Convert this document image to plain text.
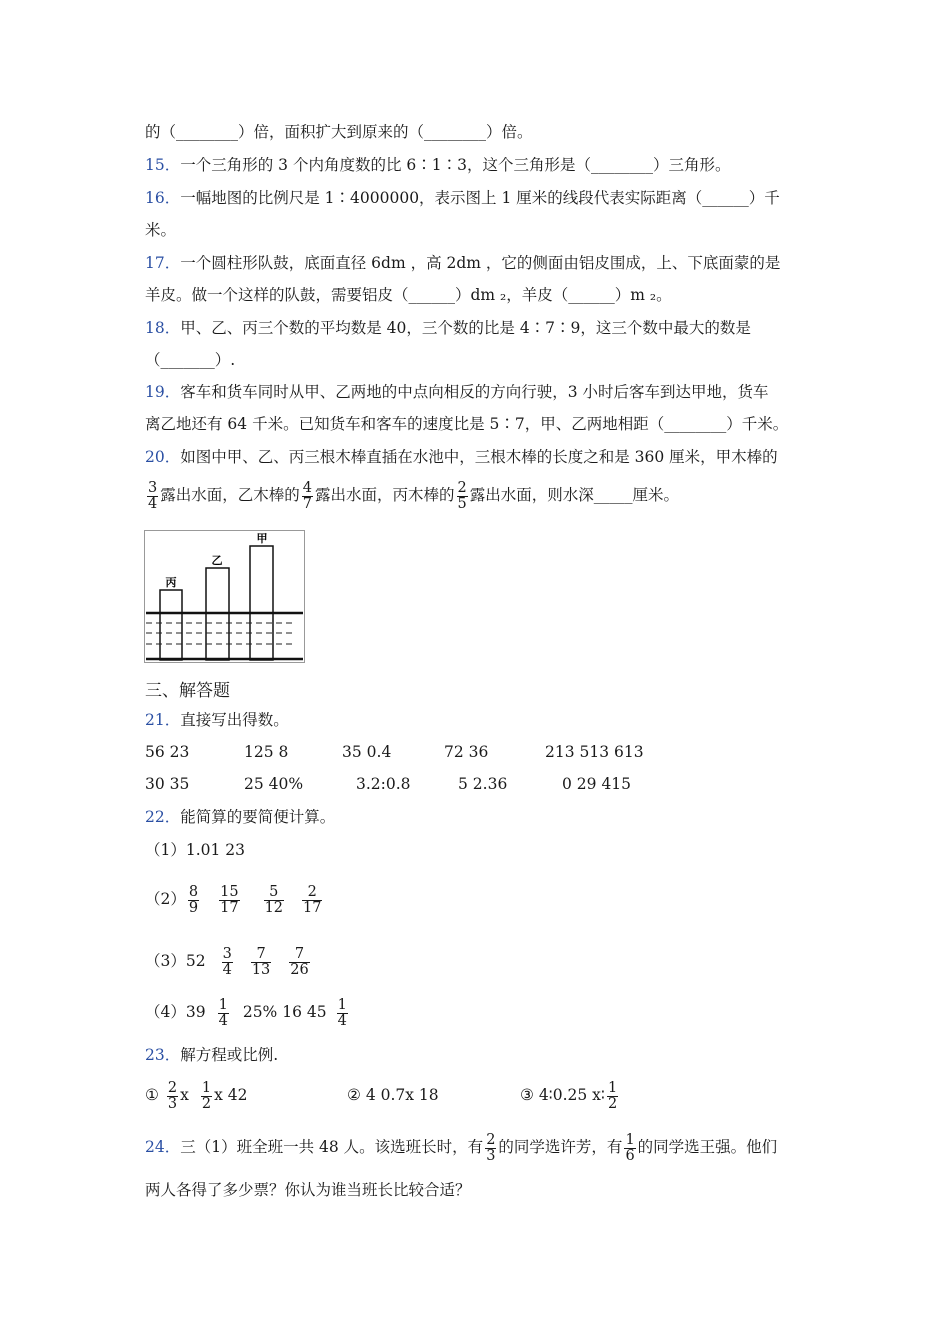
的（________）倍，面积扩大到原来的（________）倍。
15．一个三角形的 3 个内角度数的比 6∶1∶3，这个三角形是（________）三角形。
16．一幅地图的比例尺是 1∶4000000，表示图上 1 厘米的线段代表实际距离（______）千
米。
17．一个圆柱形队鼓，底面直径 6dm ，高 2dm ，它的侧面由铝皮围成，上、下底面蒙的是
羊皮。做一个这样的队鼓，需要铝皮（______）dm ₂，羊皮（______）m ₂。
18．甲、乙、丙三个数的平均数是 40，三个数的比是 4∶7∶9，这三个数中最大的数是
（_______）.
19．客车和货车同时从甲、乙两地的中点向相反的方向行驶，3 小时后客车到达甲地，货车
离乙地还有 64 千米。已知货车和客车的速度比是 5∶7，甲、乙两地相距（________）千米。
20．如图中甲、乙、丙三根木棒直插在水池中，三根木棒的长度之和是 360 厘米，甲木棒的
$\frac{3}{4}$ 露出水面，乙木棒的 $\frac{4}{7}$ 露出水面，丙木棒的 $\frac{2}{5}$ 露出水面，则水深_____厘米。
丙
乙
甲
三、解答题
21．直接写出得数。
56 23	125 8	35 0.4	72 36	213 513 613
30 35	25 40%	3.2:0.8	5 2.36	0 29 415
22．能简算的要简便计算。
（1）1.01 23
$(2) \frac{8}{9} \frac{15}{17} \frac{5}{12} \frac{2}{17}$
$(3)52 \frac{3}{4} \frac{7}{13} \frac{7}{26}$
$(4)39 \frac{1}{4} 25\%$ 16 $45 \frac{1}{4}$
23．解方程或比例.
① $\frac{2}{3}$ x $\frac{1}{2}$ x 42	② 4 0.7x 18	③ 4∶0.25 x∶ $\frac{1}{2}$
24．三（1）班全班一共 48 人。该选班长时，有 $\frac{2}{3}$ 的同学选许芳，有 $\frac{1}{6}$ 的同学选王强。他们
两人各得了多少票？你认为谁当班长比较合适？
